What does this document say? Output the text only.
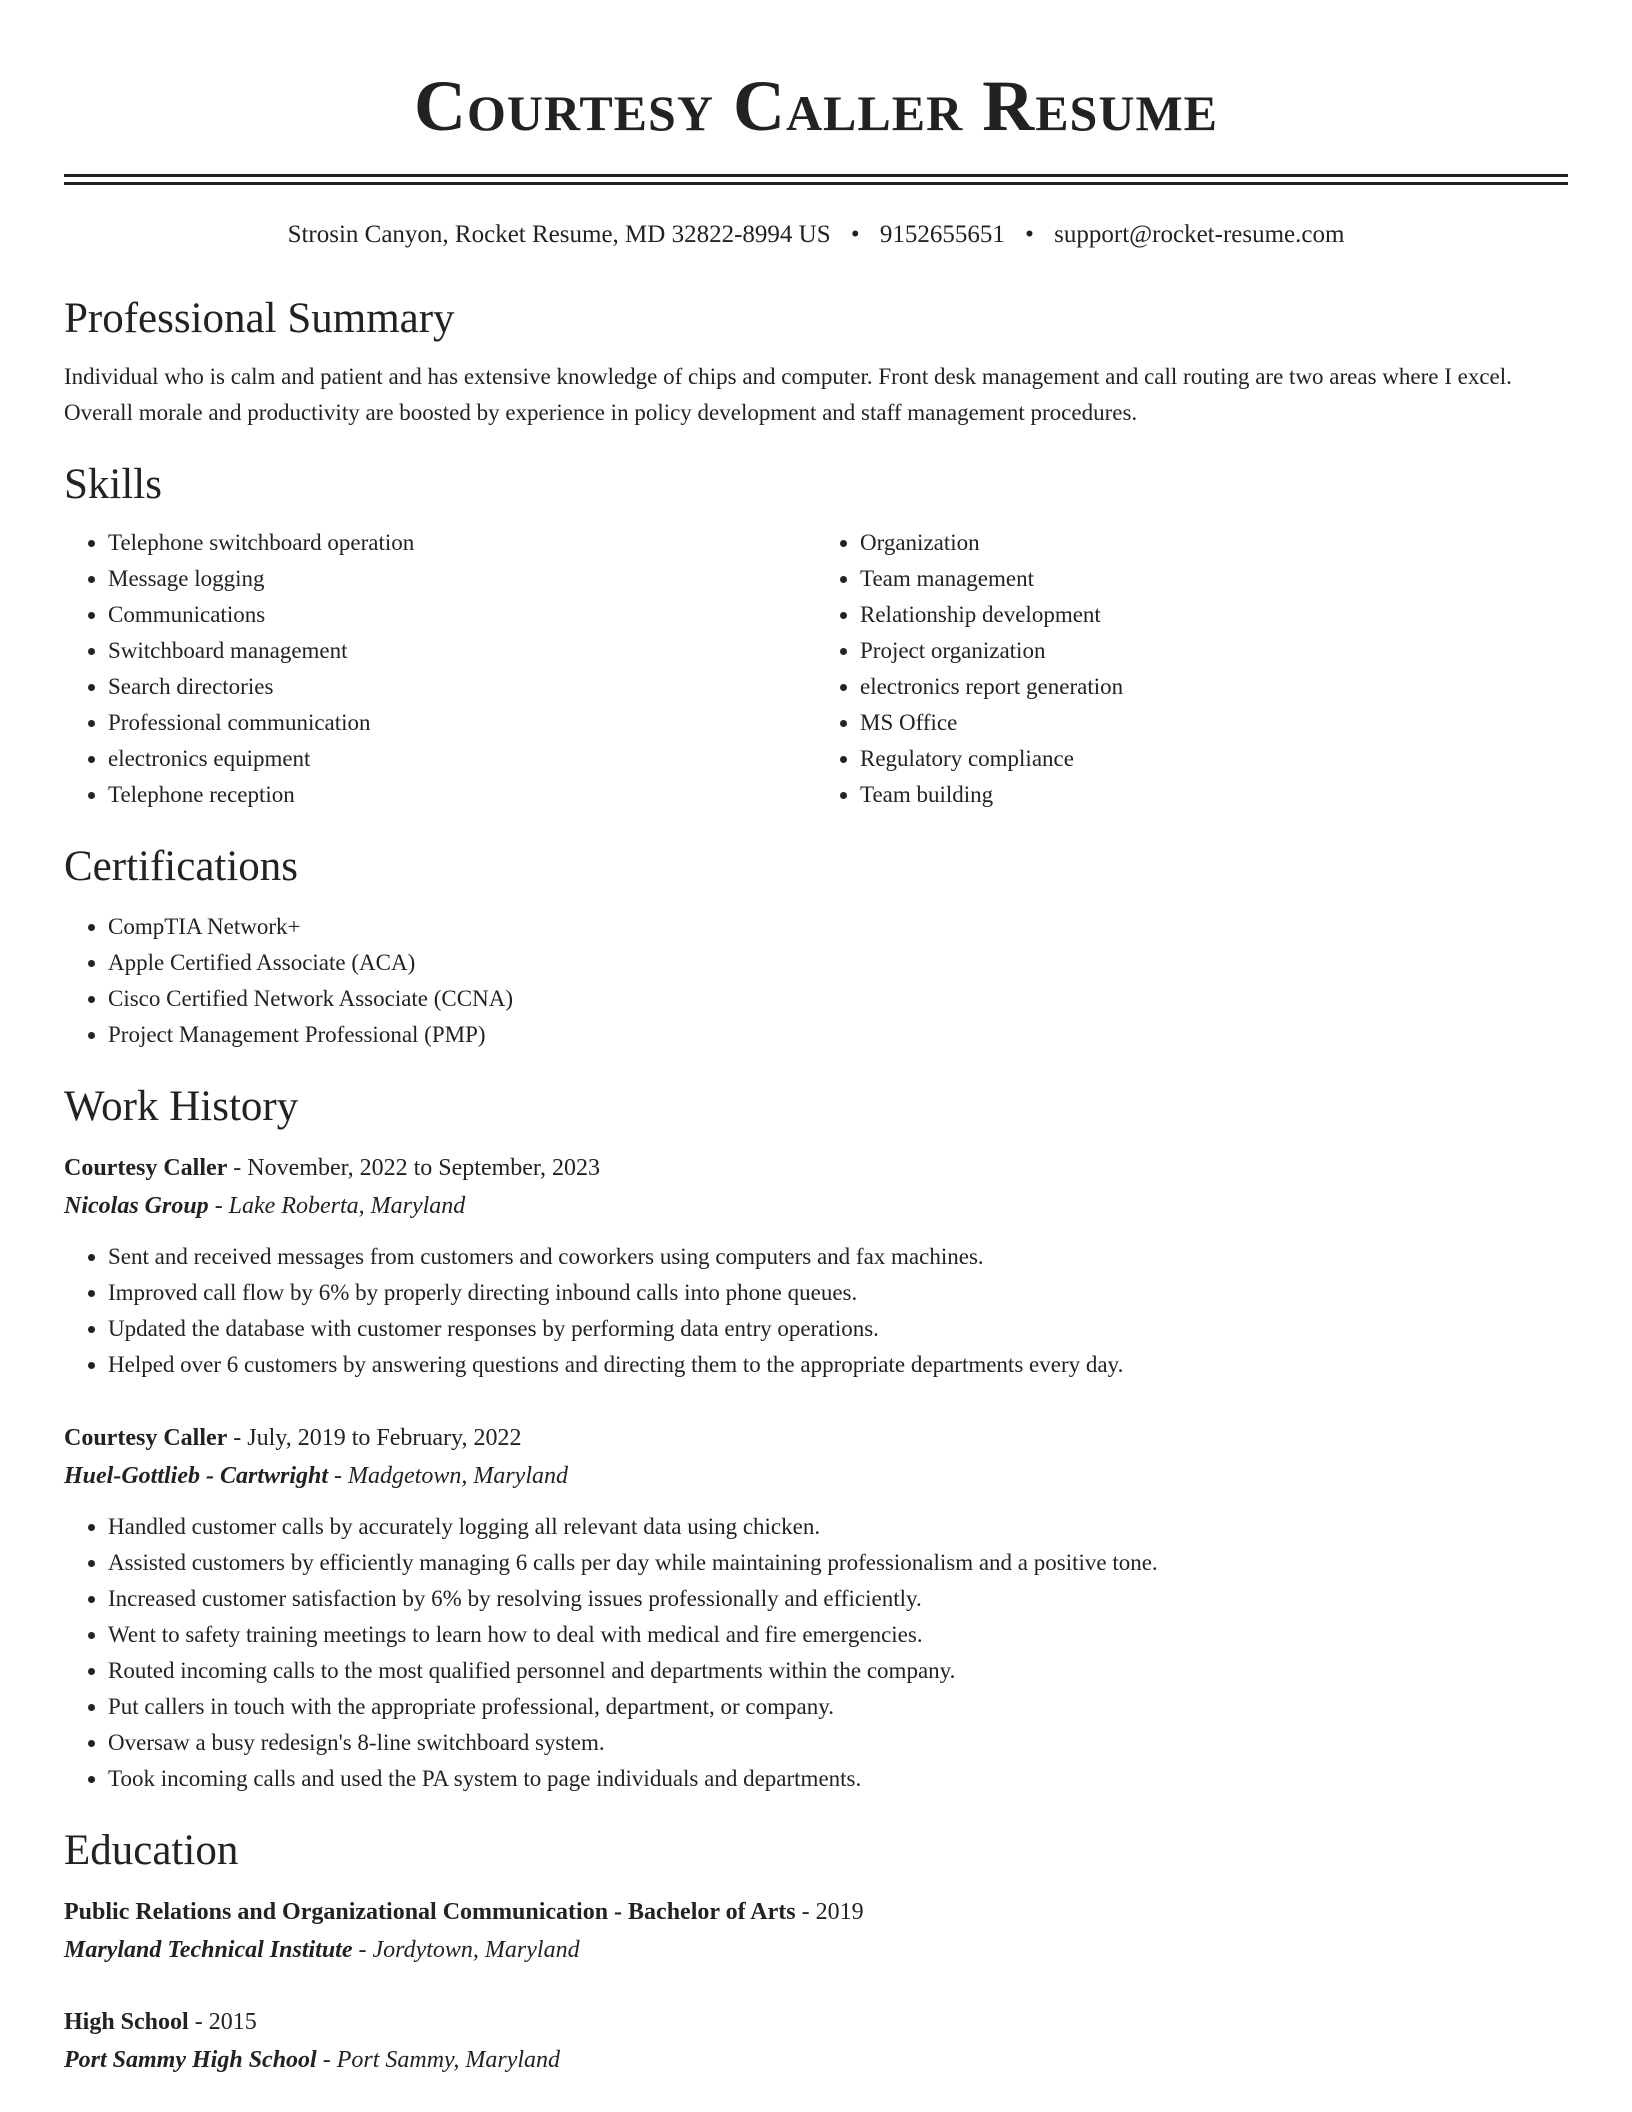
Courtesy Caller Resume
Strosin Canyon, Rocket Resume, MD 32822-8994 US • 9152655651 • support@rocket-resume.com
Professional Summary

Individual who is calm and patient and has extensive knowledge of chips and computer. Front desk management and call routing are two areas where I excel. Overall morale and productivity are boosted by experience in policy development and staff management procedures.

Skills
• Telephone switchboard operation
• Message logging
• Communications
• Switchboard management
• Search directories
• Professional communication
• electronics equipment
• Telephone reception
• Organization
• Team management
• Relationship development
• Project organization
• electronics report generation
• MS Office
• Regulatory compliance
• Team building
Certifications
• CompTIA Network+
• Apple Certified Associate (ACA)
• Cisco Certified Network Associate (CCNA)
• Project Management Professional (PMP)
Work History
Courtesy Caller - November, 2022 to September, 2023
Nicolas Group - Lake Roberta, Maryland
• Sent and received messages from customers and coworkers using computers and fax machines.
• Improved call flow by 6% by properly directing inbound calls into phone queues.
• Updated the database with customer responses by performing data entry operations.
• Helped over 6 customers by answering questions and directing them to the appropriate departments every day.
Courtesy Caller - July, 2019 to February, 2022
Huel-Gottlieb - Cartwright - Madgetown, Maryland
• Handled customer calls by accurately logging all relevant data using chicken.
• Assisted customers by efficiently managing 6 calls per day while maintaining professionalism and a positive tone.
• Increased customer satisfaction by 6% by resolving issues professionally and efficiently.
• Went to safety training meetings to learn how to deal with medical and fire emergencies.
• Routed incoming calls to the most qualified personnel and departments within the company.
• Put callers in touch with the appropriate professional, department, or company.
• Oversaw a busy redesign's 8-line switchboard system.
• Took incoming calls and used the PA system to page individuals and departments.
Education
Public Relations and Organizational Communication - Bachelor of Arts - 2019
Maryland Technical Institute - Jordytown, Maryland
High School - 2015
Port Sammy High School - Port Sammy, Maryland
